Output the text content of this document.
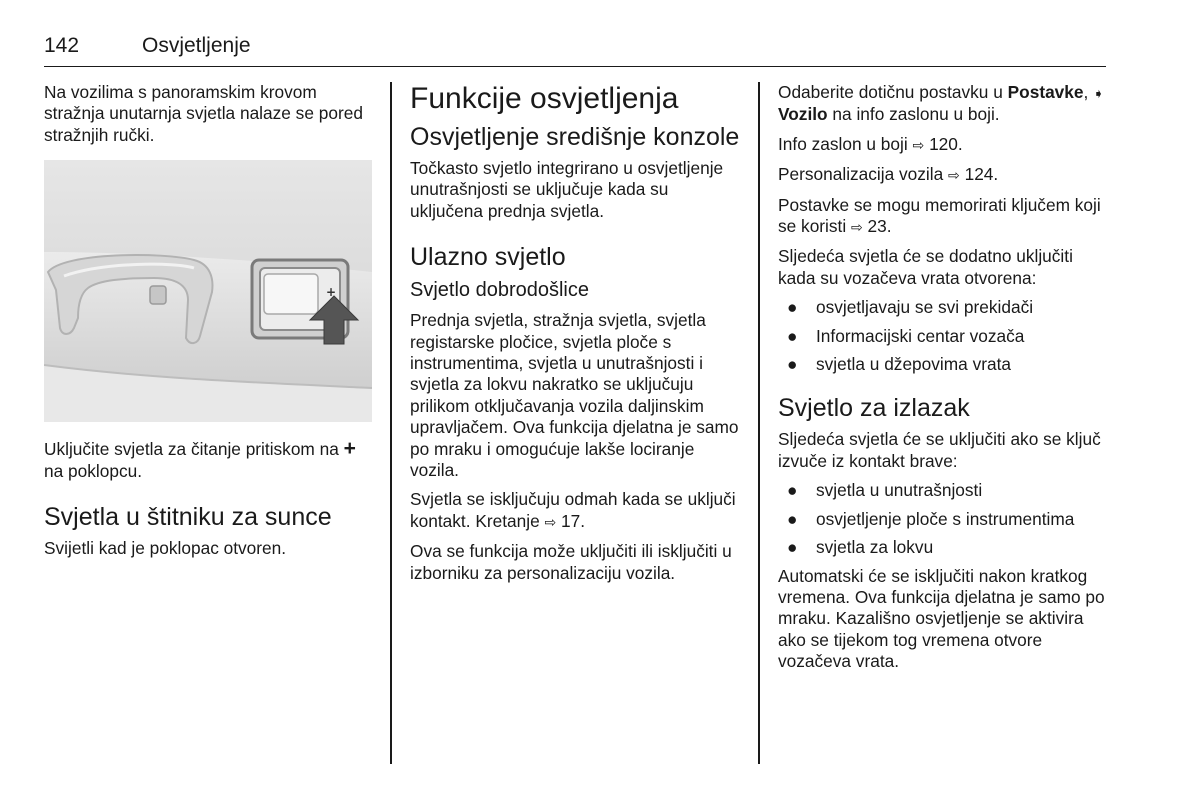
142	Osvjetljenje

Na vozilima s panoramskim krovom stražnja unutarnja svjetla nalaze se pored stražnjih ručki.

+

Uključite svjetla za čitanje pritiskom na + na poklopcu.

Svjetla u štitniku za sunce

Svijetli kad je poklopac otvoren.

Funkcije osvjetljenja
Osvjetljenje središnje konzole

Točkasto svjetlo integrirano u osvjetljenje unutrašnjosti se uključuje kada su uključena prednja svjetla.

Ulazno svjetlo
Svjetlo dobrodošlice

Prednja svjetla, stražnja svjetla, svjetla registarske pločice, svjetla ploče s instrumentima, svjetla u unutrašnjosti i svjetla za lokvu nakratko se uključuju prilikom otključavanja vozila daljinskim upravljačem. Ova funkcija djelatna je samo po mraku i omogućuje lakše lociranje vozila.

Svjetla se isključuju odmah kada se uključi kontakt. Kretanje ⇨ 17.

Ova se funkcija može uključiti ili isključiti u izborniku za personalizaciju vozila.

Odaberite dotičnu postavku u Postavke, ➧ Vozilo na info zaslonu u boji.

Info zaslon u boji ⇨ 120.

Personalizacija vozila ⇨ 124.

Postavke se mogu memorirati ključem koji se koristi ⇨ 23.

Sljedeća svjetla će se dodatno uključiti kada su vozačeva vrata otvorena:

● osvjetljavaju se svi prekidači
● Informacijski centar vozača
● svjetla u džepovima vrata
Svjetlo za izlazak

Sljedeća svjetla će se uključiti ako se ključ izvuče iz kontakt brave:

● svjetla u unutrašnjosti
● osvjetljenje ploče s instrumentima
● svjetla za lokvu

Automatski će se isključiti nakon kratkog vremena. Ova funkcija djelatna je samo po mraku. Kazališno osvjetljenje se aktivira ako se tijekom tog vremena otvore vozačeva vrata.
